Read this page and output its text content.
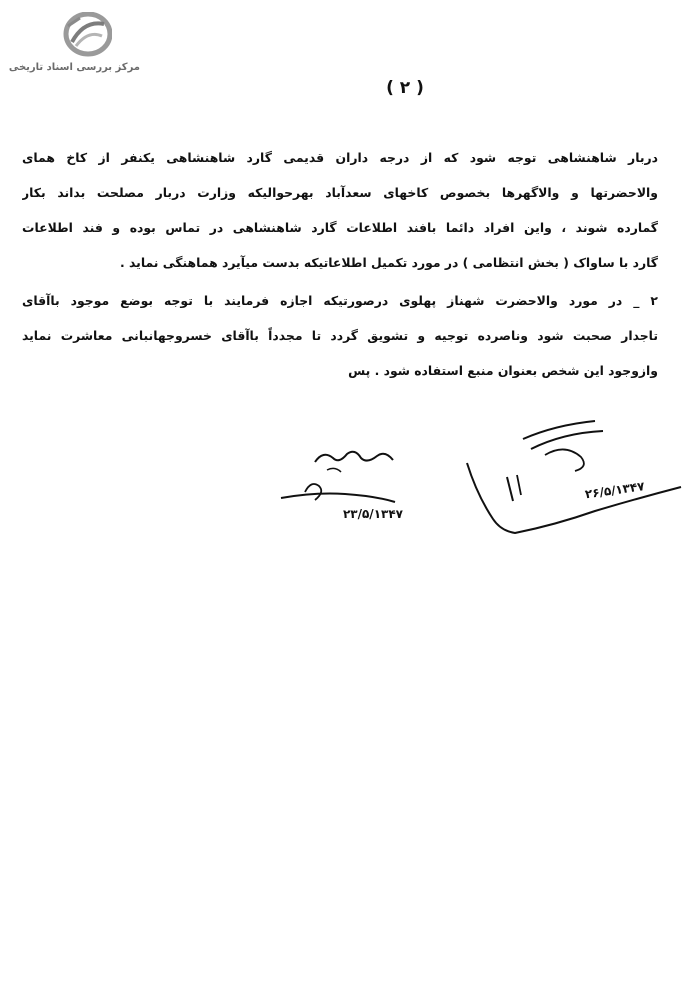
مرکز بررسی اسناد تاریخی
( ۲ )
دربار شاهنشاهی توجه شود که از درجه داران قدیمی گارد شاهنشاهی یکنفر از کاخ همای
والاحضرتها و والاگهرها بخصوص کاخهای سعدآباد بهرحوالیکه وزارت دربار مصلحت بداند بکار
گمارده شوند ، واین افراد دائما بافند اطلاعات گارد شاهنشاهی در تماس بوده و فند اطلاعات
گارد با ساواک ( بخش انتظامی ) در مورد تکمیل اطلاعاتیکه بدست میآیرد هماهنگی نماید .
۲ _ در مورد والاحضرت شهناز پهلوی درصورتیکه اجازه فرمایند با توجه بوضع موجود باآقای
تاجدار صحبت شود وناصرده توجیه و تشویق گردد تا مجدداً باآقای خسروجهانبانی معاشرت نماید
وازوجود این شخص بعنوان منبع استفاده شود . پس
۲۳/۵/۱۳۴۷
۲۶/۵/۱۳۴۷
